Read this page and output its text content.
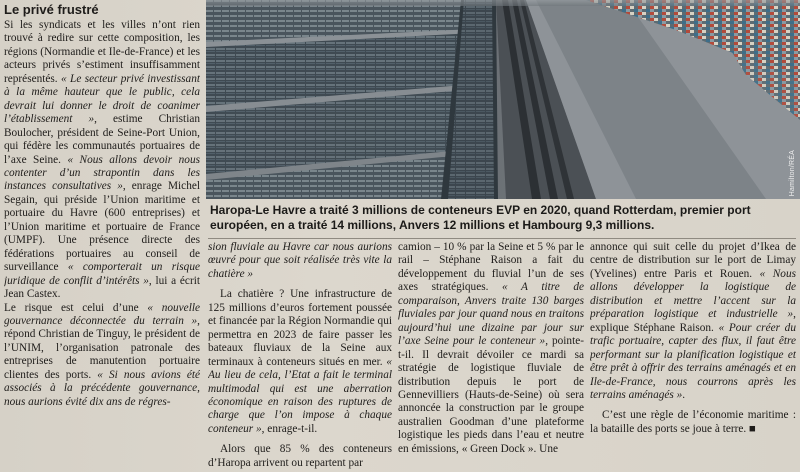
Le privé frustré

Si les syndicats et les villes n’ont rien trouvé à redire sur cette composition, les régions (Normandie et Ile-de-France) et les acteurs privés s’estiment insuffisamment représentés. « Le secteur privé investissant à la même hauteur que le public, cela devrait lui donner le droit de coanimer l’établissement », estime Christian Boulocher, président de Seine-Port Union, qui fédère les communautés portuaires de l’axe Seine. « Nous allons devoir nous contenter d’un strapontin dans les instances consultatives », enrage Michel Segain, qui préside l’Union maritime et portuaire du Havre (600 entreprises) et l’Union maritime et portuaire de France (UMPF). Une présence directe des fédérations portuaires au conseil de surveillance « comporterait un risque juridique de conflit d’intérêts », lui a écrit Jean Castex.

Le risque est celui d’une « nouvelle gouvernance déconnectée du terrain », répond Christian de Tinguy, le président de l’UNIM, l’organisation patronale des entreprises de manutention portuaire clientes des ports. « Si nous avions été associés à la précédente gouvernance, nous aurions évité dix ans de régres-

Hamilton/RÉA
Haropa-Le Havre a traité 3 millions de conteneurs EVP en 2020, quand Rotterdam, premier port européen, en a traité 14 millions, Anvers 12 millions et Hambourg 9,3 millions.

sion fluviale au Havre car nous aurions œuvré pour que soit réalisée très vite la chatière »

La chatière ? Une infrastructure de 125 millions d’euros fortement poussée et financée par la Région Normandie qui permettra en 2023 de faire passer les bateaux fluviaux de la Seine aux terminaux à conteneurs situés en mer. « Au lieu de cela, l’Etat a fait le terminal multimodal qui est une aberration économique en raison des ruptures de charge que l’on impose à chaque conteneur », enrage-t-il.

Alors que 85 % des conteneurs d’Haropa arrivent ou repartent par

camion – 10 % par la Seine et 5 % par le rail – Stéphane Raison a fait du développement du fluvial l’un de ses axes stratégiques. « A titre de comparaison, Anvers traite 130 barges fluviales par jour quand nous en traitons aujourd’hui une dizaine par jour sur l’axe Seine pour le conteneur », pointe-t-il. Il devrait dévoiler ce mardi sa stratégie de logistique fluviale de distribution depuis le port de Gennevilliers (Hauts-de-Seine) où sera annoncée la construction par le groupe australien Goodman d’une plateforme logistique les pieds dans l’eau et neutre en émissions, « Green Dock ». Une

annonce qui suit celle du projet d’Ikea de centre de distribution sur le port de Limay (Yvelines) entre Paris et Rouen. « Nous allons développer la logistique de distribution et mettre l’accent sur la préparation logistique et industrielle », explique Stéphane Raison. « Pour créer du trafic portuaire, capter des flux, il faut être performant sur la planification logistique et être prêt à offrir des terrains aménagés et en Ile-de-France, nous courrons après les terrains aménagés ».

C’est une règle de l’économie maritime : la bataille des ports se joue à terre. ■
